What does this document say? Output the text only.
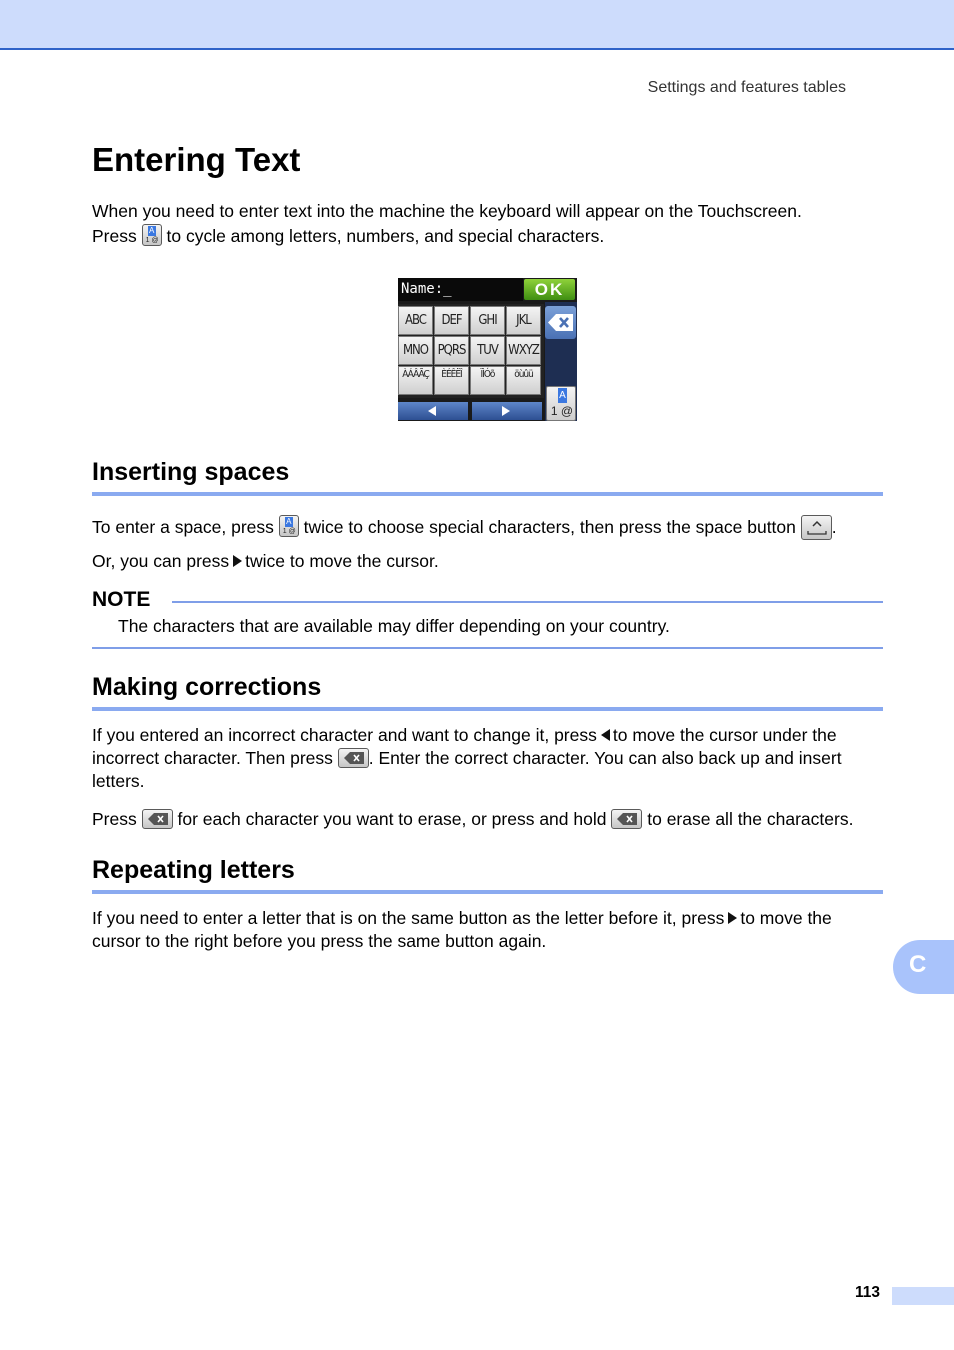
Settings and features tables
Entering Text
When you need to enter text into the machine the keyboard will appear on the Touchscreen.
Press A
1 @ to cycle among letters, numbers, and special characters.
Name:_	OK
ABC	DEF	GHI	JKL
MNO PQRS TUV WXYZ
ÀÁÂÃÇ	ÈÉÊËÎ	ÏÌÓõ	öùûü
A
1 @
Inserting spaces
To enter a space, press A
1 @ twice to choose special characters, then press the space button .
Or, you can press twice to move the cursor.
NOTE
The characters that are available may differ depending on your country.
Making corrections
If you entered an incorrect character and want to change it, press to move the cursor under the incorrect character. Then press . Enter the correct character. You can also back up and insert letters.
Press for each character you want to erase, or press and hold to erase all the characters.
Repeating letters
If you need to enter a letter that is on the same button as the letter before it, press to move the cursor to the right before you press the same button again.
C
113
